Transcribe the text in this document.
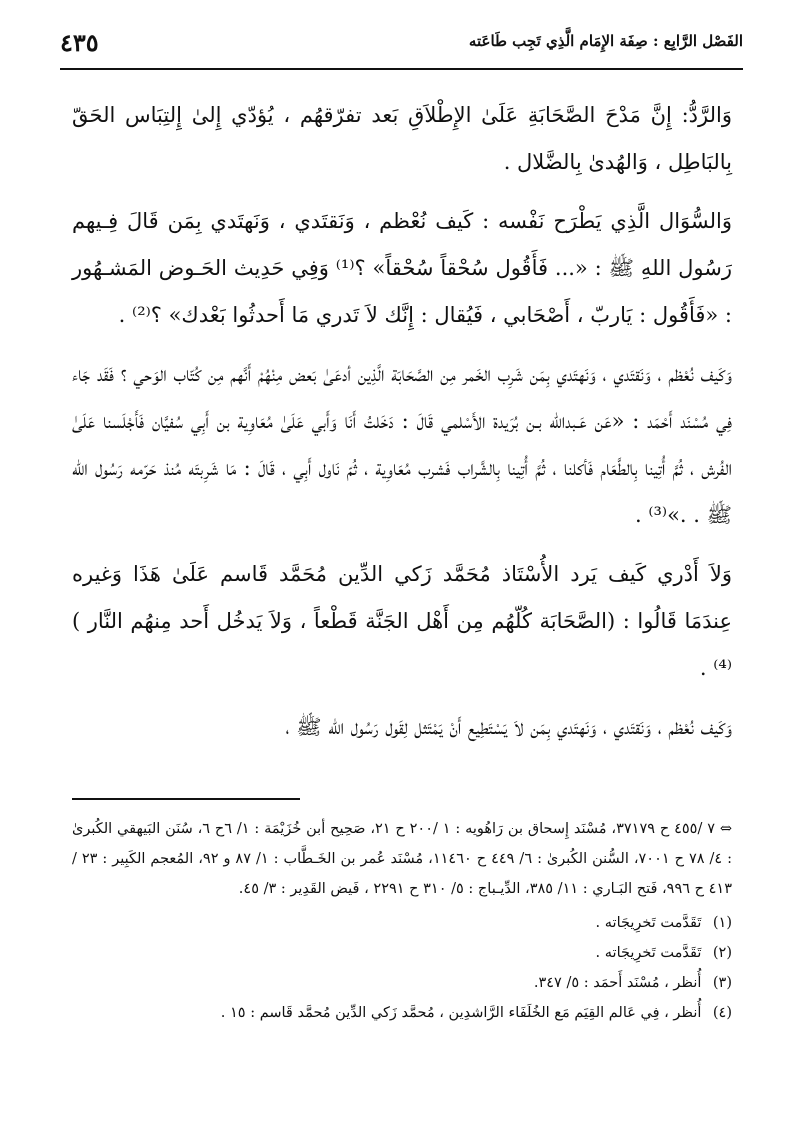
الفَصْل الرَّابِع : صِفَة الإِمَام الَّذِي تَجِب طَاعَته
٤٣٥

وَالرَّدُّ: إِنَّ مَدْحَ الصَّحَابَةِ عَلَىٰ الإِطْلاَقِ بَعد تفرّقهُم ، يُؤدّي إِلىٰ إِلتِبَاس الحَقّ بِالبَاطِل ، وَالهُدىٰ بِالضَّلال .

وَالسُّوَال الَّذِي يَطْرَح نَفْسه : كَيف نُعْظم ، وَنَقتَدي ، وَنَهتَدي بِمَن قَالَ فِـيهم رَسُول اللهِ ﷺ : «... فَأَقُول سُحْقاً سُحْقاً» ؟⁽¹⁾ وَفِي حَدِيث الحَـوض المَشـهُور : «فَأَقُول : يَاربّ ، أَصْحَابي ، فَيُقال : إِنَّك لاَ تَدري مَا أَحدثُوا بَعْدك» ؟⁽²⁾ .

وَكَيف نُعْظم ، وَنَقتَدي ، وَنَهتَدي بِمَن شَرِب الخَمر مِن الصَّحَابَة الَّذِين أدعَىٰ بَعض مِنْهُمْ أَنَّهم مِن كُتّاب الوَحي ؟ فَقَد جَاء فِي مُسْنَد أَحْمَد : «عَن عَـبدالله بـن بُرَيدة الأَسْلمي قَالَ : دَخَلتُ أَنَا وَأَبي عَلَىٰ مُعَاوِية بن أَبِي سُفيَّان فَأَجْلَسنا عَلَىٰ الفُرش ، ثُمَّ أُتِينا بِالطَّعَام فَأكلنا ، ثُمَّ أُتِينا بِالشَّراب فَشرب مُعَاوِية ، ثُمّ نَاول أَبِي ، قَالَ : مَا شَرِبتَه مُنذ حَرّمه رَسُول الله ﷺ . .»⁽³⁾ .

وَلاَ أَدْري كَيف يَرد الأُسْتَاذ مُحَمَّد زَكي الدِّين مُحَمَّد قَاسم عَلَىٰ هَذَا وَغيره عِندَمَا قَالُوا : (الصَّحَابَة كُلّهُم مِن أَهْل الجَنَّة قَطْعاً ، وَلاَ يَدخُل أَحد مِنهُم النَّار )⁽⁴⁾ .

وَكَيف نُعْظم ، وَنَقتَدي ، وَنَهتَدي بِمَن لاَ يَسْتَطِيع أَنْ يَمْتَثل لِقَول رَسُول الله ﷺ ،

⇔ ٧ /٤٥٥ ح ٣٧١٧٩، مُسْنَد إِسحاق بن رَاهُويه : ١ /٢٠٠ ح ٢١، صَحِيح أبن خُزَيْمَة : ١/ ٦ح ٦، سُنَن البَيهقي الكُبرىٰ : ٤/ ٧٨ ح ٧٠٠١، السُّنن الكُبرىٰ : ٦/ ٤٤٩ ح ١١٤٦٠، مُسْنَد عُمر بن الخَـطَّاب : ١/ ٨٧ و ٩٢، المُعجم الكَبِير : ٢٣ /٤١٣ ح ٩٩٦، فَتح البَـاري : ١١/ ٣٨٥، الدِّيـباج : ٥/ ٣١٠ ح ٢٢٩١ ، فَيض القَدِير : ٣/ ٤٥.

(١) تَقَدَّمت تَخرِيجَاته .
(٢) تَقَدَّمت تَخرِيجَاته .
(٣) أُنظر ، مُسْنَد أَحمَد : ٥/ ٣٤٧.
(٤) أُنظر ، فِي عَالم القِيَم مَع الخُلَفَاء الرَّاشدِين ، مُحمَّد زَكي الدِّين مُحمَّد قَاسم : ١٥ .
